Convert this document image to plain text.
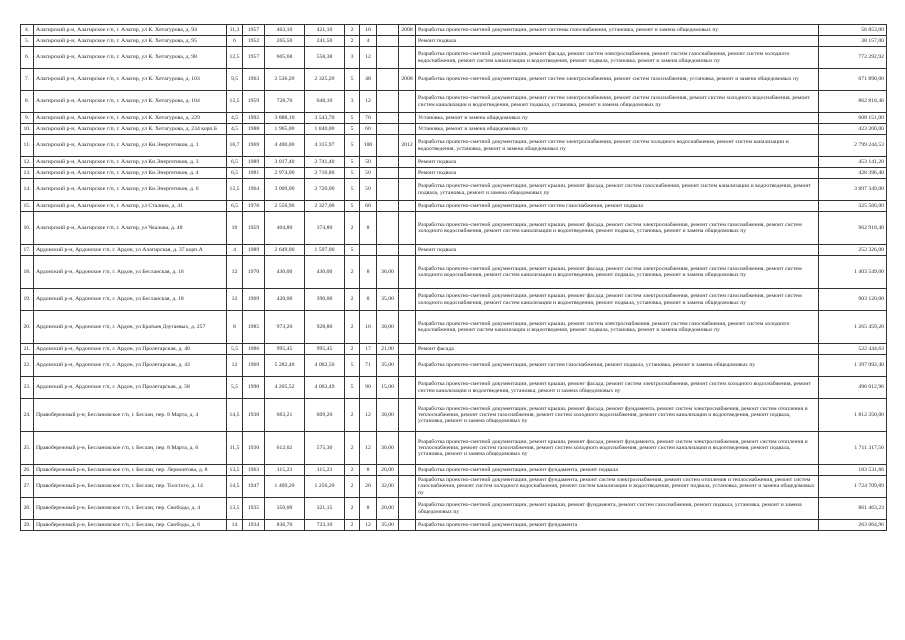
4.	Алагирский р-н, Алагирское г/п, г. Алагир, ул К. Хетагурова, д. 94	11,3	1957	463,10	421,10	2	10		2008	Разработка проектно-сметной документации, ремонт системы газоснабжения, установка, ремонт и замена общедомовых пу	56 853,00
5.	Алагирский р-н, Алагирское г/п, г. Алагир, ул К. Хетагурова, д. 95	6	1952	265,50	241,50	2	4			Ремонт подвала	38 157,00
6.	Алагирский р-н, Алагирское г/п, г. Алагир, ул К. Хетагурова, д. 98	12,5	1957	605,68	558,38	3	12			Разработка проектно-сметной документации, ремонт фасада, ремонт систем электроснабжения, ремонт систем газоснабжения, ремонт систем холодного водоснабжения, ремонт систем канализации и водоотведения, ремонт подвала, установка, ремонт и замена общедомовых пу	772 292,92
7.	Алагирский р-н, Алагирское г/п, г. Алагир, ул К. Хетагурова, д. 103	9,5	1963	2 536,20	2 325,20	5	48		2008	Разработка проектно-сметной документации, ремонт систем электроснабжения, ремонт систем газоснабжения, установка, ремонт и замена общедомовых пу	671 890,00
8.	Алагирский р-н, Алагирское г/п, г. Алагир, ул К. Хетагурова, д. 104	12,5	1959	728,70	648,10	3	12			Разработка проектно-сметной документации, ремонт систем электроснабжения, ремонт систем газоснабжения, ремонт систем холодного водоснабжения, ремонт систем канализации и водоотведения, ремонт подвала, установка, ремонт и замена общедомовых пу	862 818,46
9.	Алагирский р-н, Алагирское г/п, г. Алагир, ул К. Хетагурова, д. 229	4,5	1992	3 888,10	3 543,70	5	70			Установка, ремонт и замена общедомовых пу	608 151,00
10.	Алагирский р-н, Алагирское г/п, г. Алагир, ул К. Хетагурова, д. 234 корп.Б	4,5	1988	1 965,00	1 840,00	5	60			Установка, ремонт и замена общедомовых пу	423 200,00
11.	Алагирский р-н, Алагирское г/п, г. Алагир, ул Кн.Энергетиков, д. 1	10,7	1969	4 400,00	4 315,97	5	100		2012	Разработка проектно-сметной документации, ремонт систем электроснабжения, ремонт систем холодного водоснабжения, ремонт систем канализации и водоотведения, установка, ремонт и замена общедомовых пу	2 799 244,53
12.	Алагирский р-н, Алагирское г/п, г. Алагир, ул Кн.Энергетиков, д. 3	6,5	1989	3 017,40	2 741,40	5	50			Ремонт подвала	453 141,20
13.	Алагирский р-н, Алагирское г/п, г. Алагир, ул Кн.Энергетиков, д. 4	6,5	1981	2 974,00	2 710,80	5	50			Ремонт подвала	428 396,40
14.	Алагирский р-н, Алагирское г/п, г. Алагир, ул Кн.Энергетиков, д. 6	12,5	1964	3 009,00	2 720,00	5	50			Разработка проектно-сметной документации, ремонт крыши, ремонт фасада, ремонт систем газоснабжения, ремонт систем канализации и водоотведения, ремонт подвала, установка, ремонт и замена общедомовых пу	3 897 349,00
15.	Алагирский р-н, Алагирское г/п, г. Алагир, ул Сталина, д. 41	6,5	1976	2 556,90	2 327,00	5	60			Разработка проектно-сметной документации, ремонт систем газоснабжения, ремонт подвала	325 566,00
16.	Алагирский р-н, Алагирское г/п, г. Алагир, ул Чкалова, д. 48	10	1959	404,80	374,80	2	8			Разработка проектно-сметной документации, ремонт крыши, ремонт фасада, ремонт систем электроснабжения, ремонт систем газоснабжения, ремонт систем холодного водоснабжения, ремонт систем канализации и водоотведения, ремонт подвала, установка, ремонт и замена общедомовых пу	962 918,40
17.	Ардонский р-н, Ардонское г/п, г. Ардон, ул Алагирская, д. 37 корп.А	4	1989	2 649,00	1 597,00	5				Ремонт подвала	252 326,00
18.	Ардонский р-н, Ардонское г/п, г. Ардон, ул Бесланская, д. 16	12	1970	430,00	430,00	2	8	36,00		Разработка проектно-сметной документации, ремонт крыши, ремонт фасада, ремонт систем электроснабжения, ремонт систем газоснабжения, ремонт систем холодного водоснабжения, ремонт систем канализации и водоотведения, ремонт подвала, установка, ремонт и замена общедомовых пу	1 403 549,00
19.	Ардонский р-н, Ардонское г/п, г. Ардон, ул Бесланская, д. 18	12	1969	420,00	390,00	2	8	35,00		Разработка проектно-сметной документации, ремонт крыши, ремонт фасада, ремонт систем электроснабжения, ремонт систем газоснабжения, ремонт систем холодного водоснабжения, ремонт систем канализации и водоотведения, ремонт подвала, установка, ремонт и замена общедомовых пу	903 120,00
20.	Ардонский р-н, Ардонское г/п, г. Ардон, ул Братьев Дзугаевых, д. 257	8	1985	973,20	928,80	2	16	30,00		Разработка проектно-сметной документации, ремонт крыши, ремонт систем электроснабжения, ремонт систем газоснабжения, ремонт систем холодного водоснабжения, ремонт систем канализации и водоотведения, ремонт подвала, установка, ремонт и замена общедомовых пу	1 265 459,20
21.	Ардонский р-н, Ардонское г/п, г. Ардон, ул Пролетарская, д. 40	5,5	1986	995,45	995,45	2	17	21,00		Ремонт фасада	522 444,63
22.	Ардонский р-н, Ардонское г/п, г. Ардон, ул Пролетарская, д. 43	12	1969	5 282,40	4 002,50	5	71	35,00		Разработка проектно-сметной документации, ремонт систем газоснабжения, ремонт подвала, установка, ремонт и замена общедомовых пу	1 397 092,40
23.	Ардонский р-н, Ардонское г/п, г. Ардон, ул Пролетарская, д. 58	5,5	1990	4 205,52	4 002,49	5	90	15,00		Разработка проектно-сметной документации, ремонт крыши, ремонт фасада, ремонт систем электроснабжения, ремонт систем холодного водоснабжения, ремонт систем канализации и водоотведения, установка, ремонт и замена общедомовых пу	496 012,96
24.	Правобережный р-н, Беслановское г/п, г. Беслан, пер. 8 Марта, д. 4	14,5	1930	663,21	609,20	2	12	30,00		Разработка проектно-сметной документации, ремонт крыши, ремонт фасада, ремонт фундамента, ремонт систем электроснабжения, ремонт систем отопления и теплоснабжения, ремонт систем газоснабжения, ремонт систем холодного водоснабжения, ремонт систем канализации и водоотведения, ремонт подвала, установка, ремонт и замена общедомовых пу	1 812 350,00
25.	Правобережный р-н, Беслановское г/п, г. Беслан, пер. 8 Марта, д. 6	11,5	1930	612,02	575,30	2	12	30,00		Разработка проектно-сметной документации, ремонт крыши, ремонт фасада, ремонт фундамента, ремонт систем электроснабжения, ремонт систем отопления и теплоснабжения, ремонт систем газоснабжения, ремонт систем холодного водоснабжения, ремонт систем канализации и водоотведения, ремонт подвала, установка, ремонт и замена общедомовых пу	1 711 317,56
26.	Правобережный р-н, Беслановское г/п, г. Беслан, пер. Лермонтова, д. 8	13,5	1963	115,23	115,23	2	8	20,00		Разработка проектно-сметной документации, ремонт фундамента, ремонт подвала	183 531,66
27.	Правобережный р-н, Беслановское г/п, г. Беслан, пер. Толстого, д. 14	14,5	1947	1 409,20	1 256,20	2	20	32,00		Разработка проектно-сметной документации, ремонт фундамента, ремонт систем электроснабжения, ремонт систем отопления и теплоснабжения, ремонт систем газоснабжения, ремонт систем холодного водоснабжения, ремонт систем канализации и водоотведения, ремонт подвала, установка, ремонт и замена общедомовых пу	1 724 709,89
28.	Правобережный р-н, Беслановское г/п, г. Беслан, пер. Свободы, д. 4	13,5	1935	350,00	321,15	2	8	20,00		Разработка проектно-сметной документации, ремонт крыши, ремонт фундамента, ремонт систем газоснабжения, ремонт подвала, установка, ремонт и замена общедомовых пу	861 463,23
29.	Правобережный р-н, Беслановское г/п, г. Беслан, пер. Свободы, д. 6	14	1934	836,70	723,10	2	12	35,00		Разработка проектно-сметной документации, ремонт фундамента	263 064,96
